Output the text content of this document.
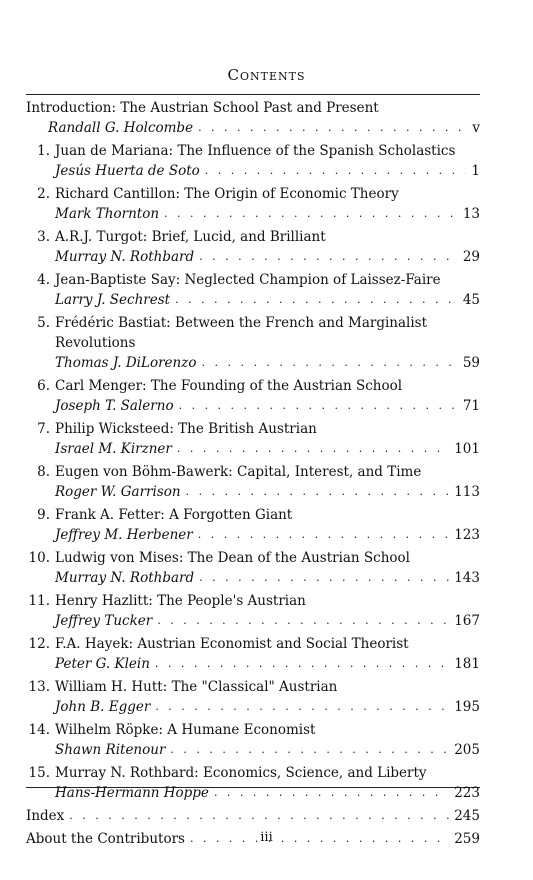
Contents
Introduction: The Austrian School Past and Present
Randall G. Holcombe . . .	v
1. Juan de Mariana: The Influence of the Spanish Scholastics
Jesús Huerta de Soto . . .	1
2. Richard Cantillon: The Origin of Economic Theory
Mark Thornton . . .	13
3. A.R.J. Turgot: Brief, Lucid, and Brilliant
Murray N. Rothbard . . .	29
4. Jean-Baptiste Say: Neglected Champion of Laissez-Faire
Larry J. Sechrest . . .	45
5. Frédéric Bastiat: Between the French and Marginalist Revolutions
Thomas J. DiLorenzo . . .	59
6. Carl Menger: The Founding of the Austrian School
Joseph T. Salerno . . .	71
7. Philip Wicksteed: The British Austrian
Israel M. Kirzner . . .	101
8. Eugen von Böhm-Bawerk: Capital, Interest, and Time
Roger W. Garrison . . .	113
9. Frank A. Fetter: A Forgotten Giant
Jeffrey M. Herbener . . .	123
10. Ludwig von Mises: The Dean of the Austrian School
Murray N. Rothbard . . .	143
11. Henry Hazlitt: The People's Austrian
Jeffrey Tucker . . .	167
12. F.A. Hayek: Austrian Economist and Social Theorist
Peter G. Klein . . .	181
13. William H. Hutt: The "Classical" Austrian
John B. Egger . . .	195
14. Wilhelm Röpke: A Humane Economist
Shawn Ritenour . . .	205
15. Murray N. Rothbard: Economics, Science, and Liberty
Hans-Hermann Hoppe . . .	223
Index . . .	245
About the Contributors . . .	259
iii
